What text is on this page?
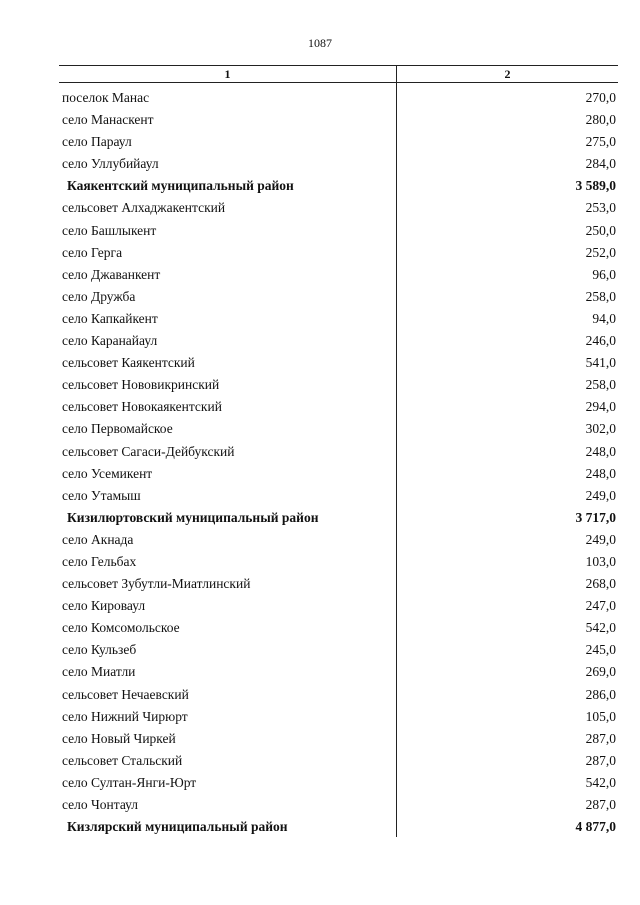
1087
1	2
поселок Манас	270,0
село Манаскент	280,0
село Параул	275,0
село Уллубийаул	284,0
Каякентский муниципальный район	3 589,0
сельсовет Алхаджакентский	253,0
село Башлыкент	250,0
село Герга	252,0
село Джаванкент	96,0
село Дружба	258,0
село Капкайкент	94,0
село Каранайаул	246,0
сельсовет Каякентский	541,0
сельсовет Нововикринский	258,0
сельсовет Новокаякентский	294,0
село Первомайское	302,0
сельсовет Сагаси-Дейбукский	248,0
село Усемикент	248,0
село Утамыш	249,0
Кизилюртовский муниципальный район	3 717,0
село Акнада	249,0
село Гельбах	103,0
сельсовет Зубутли-Миатлинский	268,0
село Кироваул	247,0
село Комсомольское	542,0
село Кульзеб	245,0
село Миатли	269,0
сельсовет Нечаевский	286,0
село Нижний Чирюрт	105,0
село Новый Чиркей	287,0
сельсовет Стальский	287,0
село Султан-Янги-Юрт	542,0
село Чонтаул	287,0
Кизлярский муниципальный район	4 877,0
